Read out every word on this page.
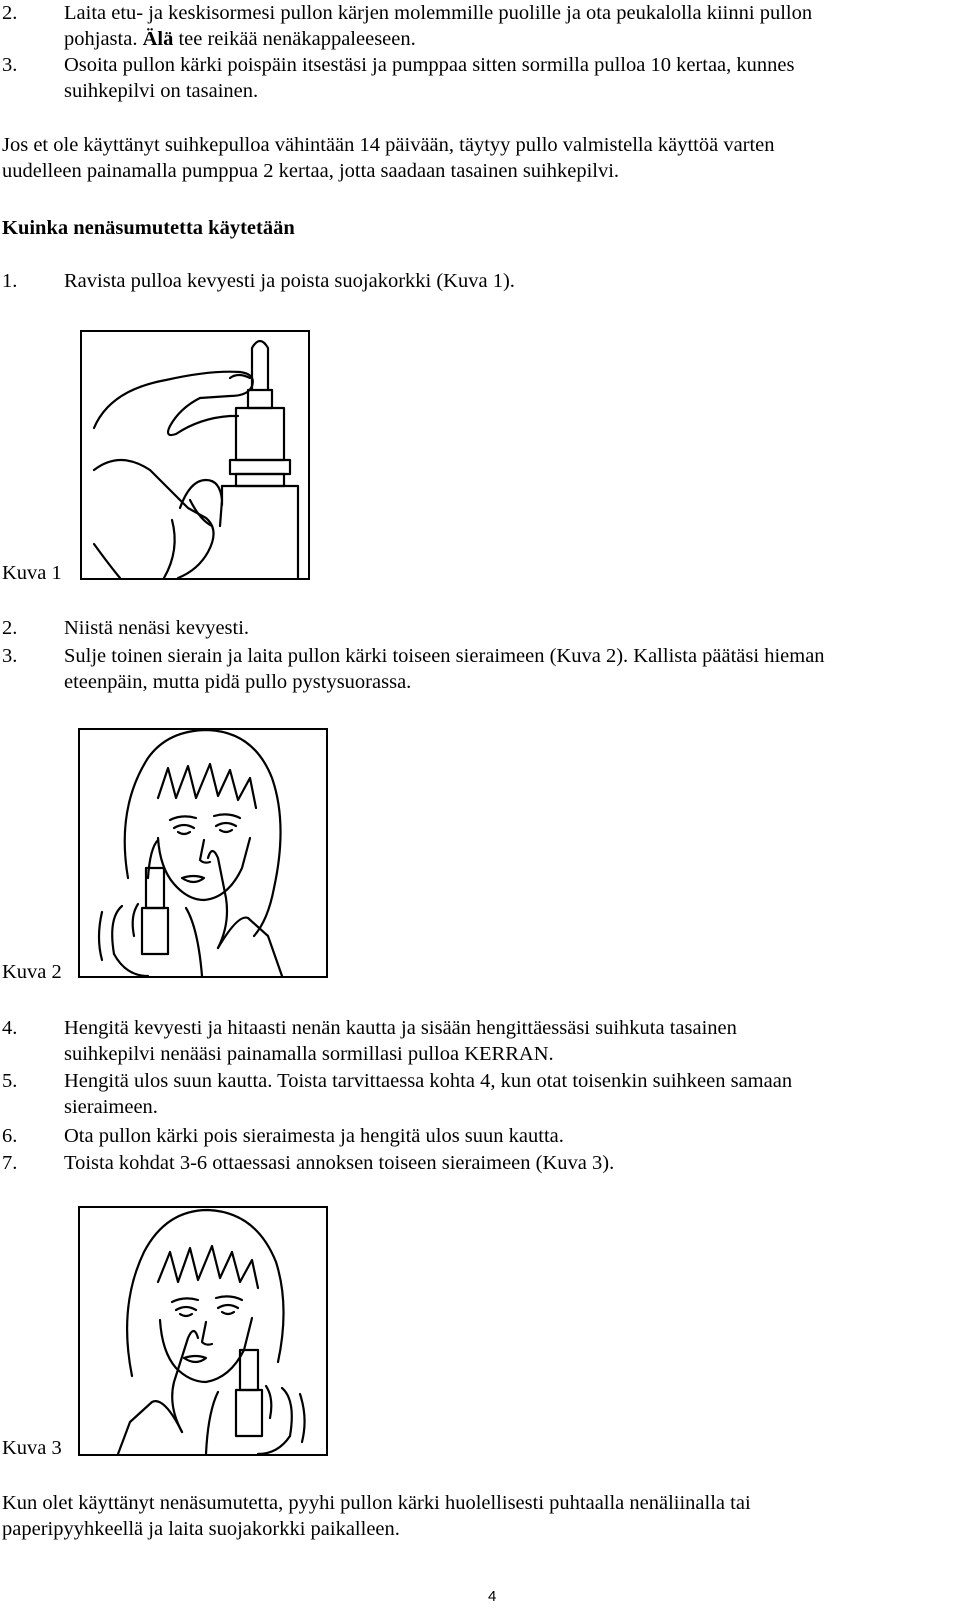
2. Laita etu- ja keskisormesi pullon kärjen molemmille puolille ja ota peukalolla kiinni pullon
pohjasta. Älä tee reikää nenäkappaleeseen.
3. Osoita pullon kärki poispäin itsestäsi ja pumppaa sitten sormilla pulloa 10 kertaa, kunnes
suihkepilvi on tasainen.
Jos et ole käyttänyt suihkepulloa vähintään 14 päivään, täytyy pullo valmistella käyttöä varten
uudelleen painamalla pumppua 2 kertaa, jotta saadaan tasainen suihkepilvi.
Kuinka nenäsumutetta käytetään
1. Ravista pulloa kevyesti ja poista suojakorkki (Kuva 1).
Kuva 1
2. Niistä nenäsi kevyesti.
3. Sulje toinen sierain ja laita pullon kärki toiseen sieraimeen (Kuva 2). Kallista päätäsi hieman
eteenpäin, mutta pidä pullo pystysuorassa.
Kuva 2
4. Hengitä kevyesti ja hitaasti nenän kautta ja sisään hengittäessäsi suihkuta tasainen
suihkepilvi nenääsi painamalla sormillasi pulloa KERRAN.
5. Hengitä ulos suun kautta. Toista tarvittaessa kohta 4, kun otat toisenkin suihkeen samaan
sieraimeen.
6. Ota pullon kärki pois sieraimesta ja hengitä ulos suun kautta.
7. Toista kohdat 3-6 ottaessasi annoksen toiseen sieraimeen (Kuva 3).
Kuva 3
Kun olet käyttänyt nenäsumutetta, pyyhi pullon kärki huolellisesti puhtaalla nenäliinalla tai
paperipyyhkeellä ja laita suojakorkki paikalleen.
4
